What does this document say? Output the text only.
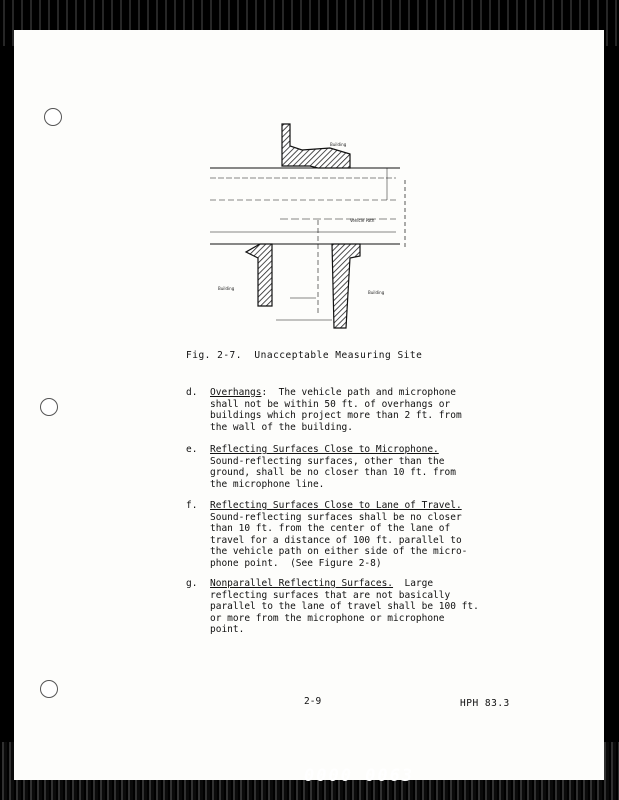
Building
Vehicle Path
Building
Building
Fig. 2-7.  Unacceptable Measuring Site
d. Overhangs:  The vehicle path and microphone
shall not be within 50 ft. of overhangs or
buildings which project more than 2 ft. from
the wall of the building.
e. Reflecting Surfaces Close to Microphone.
Sound-reflecting surfaces, other than the
ground, shall be no closer than 10 ft. from
the microphone line.
f. Reflecting Surfaces Close to Lane of Travel.
Sound-reflecting surfaces shall be no closer
than 10 ft. from the center of the lane of
travel for a distance of 100 ft. parallel to
the vehicle path on either side of the micro-
phone point.  (See Figure 2-8)
g. Nonparallel Reflecting Surfaces.  Large
reflecting surfaces that are not basically
parallel to the lane of travel shall be 100 ft.
or more from the microphone or microphone
point.
2-9	HPH 83.3
0000 0063
